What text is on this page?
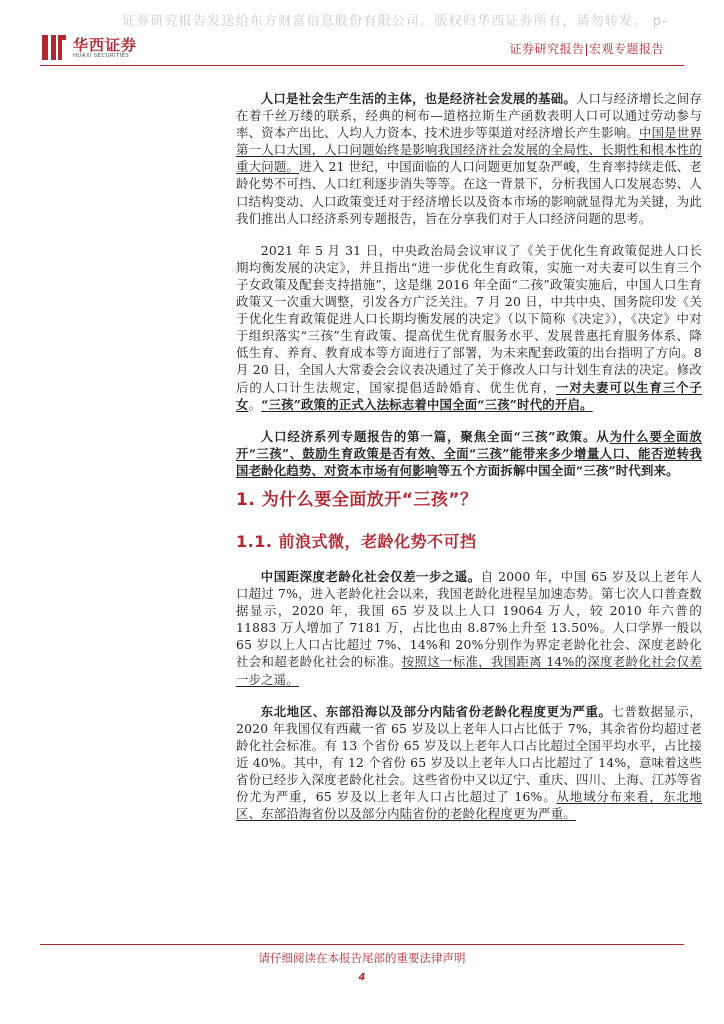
证券研究报告发送给东方财富信息股份有限公司。版权归华西证券所有，请勿转发。 p-
华西证券
HUAXI SECURITIES	证券研究报告|宏观专题报告

人口是社会生产生活的主体，也是经济社会发展的基础。人口与经济增长之间存在着千丝万缕的联系，经典的柯布—道格拉斯生产函数表明人口可以通过劳动参与率、资本产出比、人均人力资本、技术进步等渠道对经济增长产生影响。中国是世界第一人口大国，人口问题始终是影响我国经济社会发展的全局性、长期性和根本性的重大问题。进入 21 世纪，中国面临的人口问题更加复杂严峻，生育率持续走低、老龄化势不可挡、人口红利逐步消失等等。在这一背景下，分析我国人口发展态势、人口结构变动、人口政策变迁对于经济增长以及资本市场的影响就显得尤为关键，为此我们推出人口经济系列专题报告，旨在分享我们对于人口经济问题的思考。

2021 年 5 月 31 日，中央政治局会议审议了《关于优化生育政策促进人口长期均衡发展的决定》，并且指出“进一步优化生育政策，实施一对夫妻可以生育三个子女政策及配套支持措施”，这是继 2016 年全面“二孩”政策实施后，中国人口生育政策又一次重大调整，引发各方广泛关注。7 月 20 日，中共中央、国务院印发《关于优化生育政策促进人口长期均衡发展的决定》（以下简称《决定》），《决定》中对于组织落实“三孩”生育政策、提高优生优育服务水平、发展普惠托育服务体系、降低生育、养育、教育成本等方面进行了部署，为未来配套政策的出台指明了方向。8 月 20 日，全国人大常委会会议表决通过了关于修改人口与计划生育法的决定。修改后的人口计生法规定，国家提倡适龄婚育、优生优育，一对夫妻可以生育三个子女。“三孩”政策的正式入法标志着中国全面“三孩”时代的开启。

人口经济系列专题报告的第一篇，聚焦全面“三孩”政策。从为什么要全面放开“三孩”、鼓励生育政策是否有效、全面“三孩”能带来多少增量人口、能否逆转我国老龄化趋势、对资本市场有何影响等五个方面拆解中国全面“三孩”时代到来。

1. 为什么要全面放开“三孩”？
1.1. 前浪式微，老龄化势不可挡

中国距深度老龄化社会仅差一步之遥。自 2000 年，中国 65 岁及以上老年人口超过 7%，进入老龄化社会以来，我国老龄化进程呈加速态势。第七次人口普查数据显示，2020 年，我国 65 岁及以上人口 19064 万人，较 2010 年六普的 11883 万人增加了 7181 万，占比也由 8.87%上升至 13.50%。人口学界一般以 65 岁以上人口占比超过 7%、14%和 20%分别作为界定老龄化社会、深度老龄化社会和超老龄化社会的标准。按照这一标准，我国距离 14%的深度老龄化社会仅差一步之遥。

东北地区、东部沿海以及部分内陆省份老龄化程度更为严重。七普数据显示，2020 年我国仅有西藏一省 65 岁及以上老年人口占比低于 7%，其余省份均超过老龄化社会标准。有 13 个省份 65 岁及以上老年人口占比超过全国平均水平，占比接近 40%。其中，有 12 个省份 65 岁及以上老年人口占比超过了 14%，意味着这些省份已经步入深度老龄化社会。这些省份中又以辽宁、重庆、四川、上海、江苏等省份尤为严重，65 岁及以上老年人口占比超过了 16%。从地域分布来看，东北地区、东部沿海省份以及部分内陆省份的老龄化程度更为严重。

请仔细阅读在本报告尾部的重要法律声明
4
